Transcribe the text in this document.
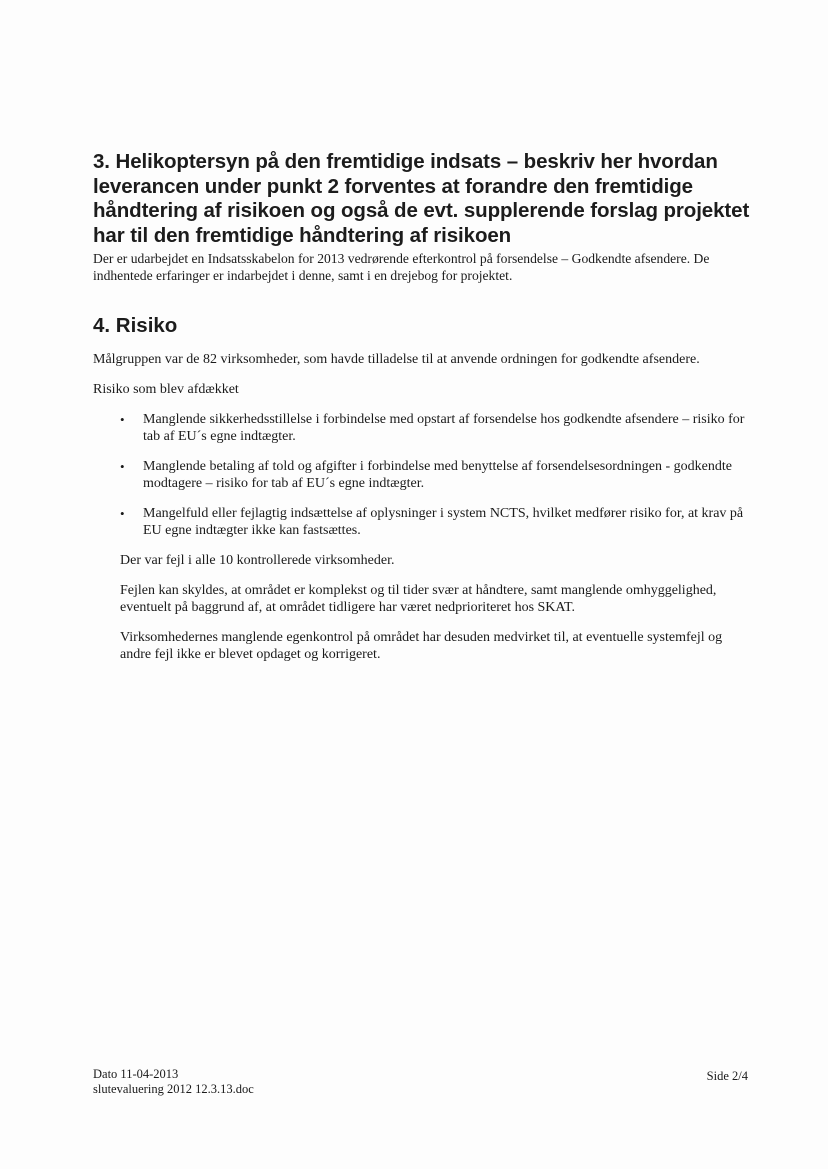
3. Helikoptersyn på den fremtidige indsats – beskriv her hvordan leverancen under punkt 2 forventes at forandre den fremtidige håndtering af risikoen og også de evt. supplerende forslag projektet har til den fremtidige håndtering af risikoen

Der er udarbejdet en Indsatsskabelon for 2013 vedrørende efterkontrol på forsendelse – Godkendte afsendere. De indhentede erfaringer er indarbejdet i denne, samt i en drejebog for projektet.

4. Risiko

Målgruppen var de 82 virksomheder, som havde tilladelse til at anvende ordningen for godkendte afsendere.

Risiko som blev afdækket

• Manglende sikkerhedsstillelse i forbindelse med opstart af forsendelse hos godkendte afsendere – risiko for tab af EU´s egne indtægter.
• Manglende betaling af told og afgifter i forbindelse med benyttelse af forsendelsesordningen - godkendte modtagere – risiko for tab af EU´s egne indtægter.
• Mangelfuld eller fejlagtig indsættelse af oplysninger i system NCTS, hvilket medfører risiko for, at krav på EU egne indtægter ikke kan fastsættes.

Der var fejl i alle 10 kontrollerede virksomheder.

Fejlen kan skyldes, at området er komplekst og til tider svær at håndtere, samt manglende omhyggelighed, eventuelt på baggrund af, at området tidligere har været nedprioriteret hos SKAT.

Virksomhedernes manglende egenkontrol på området har desuden medvirket til, at eventuelle systemfejl og andre fejl ikke er blevet opdaget og korrigeret.

Dato 11-04-2013
slutevaluering 2012 12.3.13.doc
Side 2/4
